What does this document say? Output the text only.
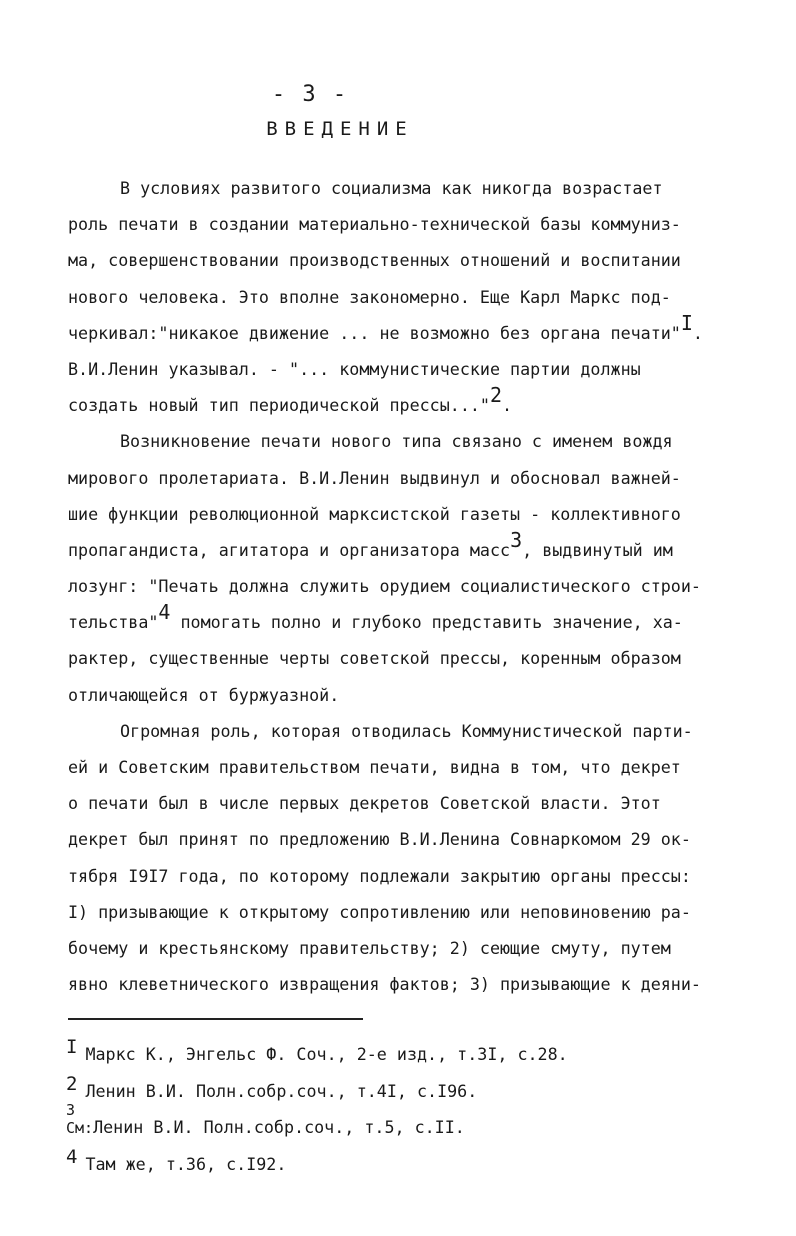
- 3 -
ВВЕДЕНИЕ
В условиях развитого социализма как никогда возрастает
роль печати в создании материально-технической базы коммуниз-
ма, совершенствовании производственных отношений и воспитании
нового человека. Это вполне закономерно. Еще Карл Маркс под-
черкивал:"никакое движение ... не возможно без органа печати"I.
В.И.Ленин указывал. - "... коммунистические партии должны
создать новый тип периодической прессы..."2.
Возникновение печати нового типа связано с именем вождя
мирового пролетариата. В.И.Ленин выдвинул и обосновал важней-
шие функции революционной марксистской газеты - коллективного
пропагандиста, агитатора и организатора масс3, выдвинутый им
лозунг: "Печать должна служить орудием социалистического строи-
тельства"4 помогать полно и глубоко представить значение, ха-
рактер, существенные черты советской прессы, коренным образом
отличающейся от буржуазной.
Огромная роль, которая отводилась Коммунистической парти-
ей и Советским правительством печати, видна в том, что декрет
о печати был в числе первых декретов Советской власти. Этот
декрет был принят по предложению В.И.Ленина Совнаркомом 29 ок-
тября I9I7 года, по которому подлежали закрытию органы прессы:
I) призывающие к открытому сопротивлению или неповиновению ра-
бочему и крестьянскому правительству; 2) сеющие смуту, путем
явно клеветнического извращения фактов; 3) призывающие к деяни-
I Маркс К., Энгельс Ф. Соч., 2-е изд., т.3I, с.28.
2 Ленин В.И. Полн.собр.соч., т.4I, с.I96.
3
См:Ленин В.И. Полн.собр.соч., т.5, с.II.
4 Там же, т.36, с.I92.
